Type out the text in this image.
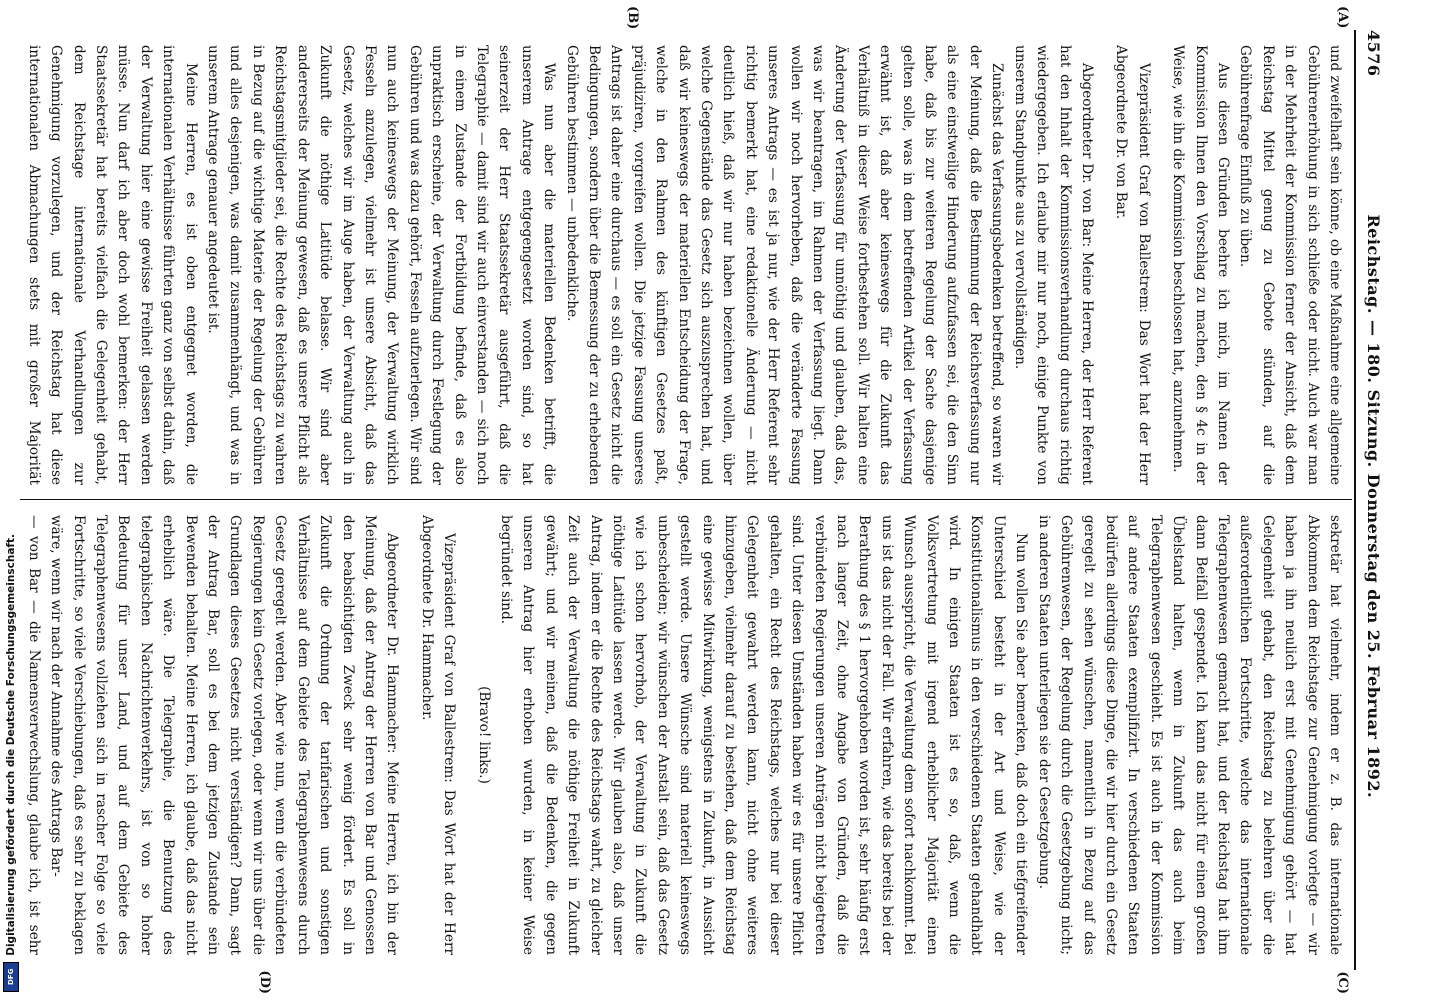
Digitalisierung gefördert durch die Deutsche Forschungsgemeinschaft.
DFG
4576
Reichstag. — 180. Sitzung. Donnerstag den 25. Februar 1892.
(A)
(B)
(C)
(D)

und zweifelhaft sein könne, ob eine Maßnahme eine allgemeine Gebührenerhöhung in sich schließe oder nicht. Auch war man in der Mehrheit der Kommission ferner der Ansicht, daß dem Reichstag Mittel genug zu Gebote stünden, auf die Gebührenfrage Einfluß zu üben.

Aus diesen Gründen beehre ich mich, im Namen der Kommission Ihnen den Vorschlag zu machen, den § 4c in der Weise, wie ihn die Kommission beschlossen hat, anzunehmen.

Vizepräsident Graf von Ballestrem: Das Wort hat der Herr Abgeordnete Dr. von Bar.

Abgeordneter Dr. von Bar: Meine Herren, der Herr Referent hat den Inhalt der Kommissionsverhandlung durchaus richtig wiedergegeben. Ich erlaube mir nur noch, einige Punkte von unserem Standpunkte aus zu vervollständigen.

Zunächst das Verfassungsbedenken betreffend, so waren wir der Meinung, daß die Bestimmung der Reichsverfassung nur als eine einstweilige Hinderung aufzufassen sei, die den Sinn habe, daß bis zur weiteren Regelung der Sache dasjenige gelten solle, was in dem betreffenden Artikel der Verfassung erwähnt ist, daß aber keineswegs für die Zukunft das Verhältniß in dieser Weise fortbestehen soll. Wir halten eine Änderung der Verfassung für unnöthig und glauben, daß das, was wir beantragen, im Rahmen der Verfassung liegt. Dann wollen wir noch hervorheben, daß die veränderte Fassung unseres Antrags — es ist ja nur, wie der Herr Referent sehr richtig bemerkt hat, eine redaktionelle Änderung — nicht deutlich hieß, daß wir nur haben bezeichnen wollen, über welche Gegenstände das Gesetz sich auszusprechen hat, und daß wir keineswegs der materiellen Entscheidung der Frage, welche in den Rahmen des künftigen Gesetzes paßt, präjudiziren, vorgreifen wollen. Die jetzige Fassung unseres Antrags ist daher eine durchaus — es soll ein Gesetz nicht die Bedingungen, sondern über die Bemessung der zu erhebenden Gebühren bestimmen — unbedenkliche.

Was nun aber die materiellen Bedenken betrifft, die unserem Antrage entgegengesetzt worden sind, so hat seinerzeit der Herr Staatssekretär ausgeführt, daß die Telegraphie — damit sind wir auch einverstanden — sich noch in einem Zustande der Fortbildung befinde, daß es also unpraktisch erscheine, der Verwaltung durch Festlegung der Gebühren und was dazu gehört, Fesseln aufzuerlegen. Wir sind nun auch keineswegs der Meinung, der Verwaltung wirklich Fesseln anzulegen, vielmehr ist unsere Absicht, daß das Gesetz, welches wir im Auge haben, der Verwaltung auch in Zukunft die nöthige Latitüde belasse. Wir sind aber andererseits der Meinung gewesen, daß es unsere Pflicht als Reichstagsmitglieder sei, die Rechte des Reichstags zu wahren in Bezug auf die wichtige Materie der Regelung der Gebühren und alles desjenigen, was damit zusammenhängt, und was in unserem Antrage genauer angedeutet ist.

Meine Herren, es ist oben entgegnet worden, die internationalen Verhältnisse führten ganz von selbst dahin, daß der Verwaltung hier eine gewisse Freiheit gelassen werden müsse. Nun darf ich aber doch wohl bemerken: der Herr Staatssekretär hat bereits vielfach die Gelegenheit gehabt, dem Reichstage internationale Verhandlungen zur Genehmigung vorzulegen, und der Reichstag hat diese internationalen Abmachungen stets mit großer Majorität

sekretär hat vielmehr, indem er z. B. das internationale Abkommen dem Reichstage zur Genehmigung vorlegte — wir haben ja ihn neulich erst mit Genehmigung gehört — hat Gelegenheit gehabt, den Reichstag zu belehren über die außerordentlichen Fortschritte, welche das internationale Telegraphenwesen gemacht hat, und der Reichstag hat ihm dann Beifall gespendet. Ich kann das nicht für einen großen Übelstand halten, wenn in Zukunft das auch beim Telegraphenwesen geschieht. Es ist auch in der Kommission auf andere Staaten exemplifizirt. In verschiedenen Staaten bedürfen allerdings diese Dinge, die wir hier durch ein Gesetz geregelt zu sehen wünschen, namentlich in Bezug auf das Gebührenwesen, der Regelung durch die Gesetzgebung nicht; in anderen Staaten unterliegen sie der Gesetzgebung.

Nun wollen Sie aber bemerken, daß doch ein tiefgreifender Unterschied besteht in der Art und Weise, wie der Konstitutionalismus in den verschiedenen Staaten gehandhabt wird. In einigen Staaten ist es so, daß, wenn die Volksvertretung mit irgend erheblicher Majorität einen Wunsch ausspricht, die Verwaltung dem sofort nachkommt. Bei uns ist das nicht der Fall. Wir erfahren, wie das bereits bei der Berathung des § 1 hervorgehoben worden ist, sehr häufig erst nach langer Zeit, ohne Angabe von Gründen, daß die verbündeten Regierungen unseren Anträgen nicht beigetreten sind. Unter diesen Umständen haben wir es für unsere Pflicht gehalten, ein Recht des Reichstags, welches nur bei dieser Gelegenheit gewahrt werden kann, nicht ohne weiteres hinzugeben, vielmehr darauf zu bestehen, daß dem Reichstag eine gewisse Mitwirkung, wenigstens in Zukunft, in Aussicht gestellt werde. Unsere Wünsche sind materiell keineswegs unbescheiden; wir wünschen der Anstalt sein, daß das Gesetz wie ich schon hervorhob, der Verwaltung in Zukunft die nöthige Latitüde lassen werde. Wir glauben also, daß unser Antrag, indem er die Rechte des Reichstags wahrt, zu gleicher Zeit auch der Verwaltung die nöthige Freiheit in Zukunft gewährt; und wir meinen, daß die Bedenken, die gegen unseren Antrag hier erhoben wurden, in keiner Weise begründet sind.

(Bravo! links.)

Vizepräsident Graf von Ballestrem: Das Wort hat der Herr Abgeordnete Dr. Hammacher.

Abgeordneter Dr. Hammacher: Meine Herren, ich bin der Meinung, daß der Antrag der Herren von Bar und Genossen den beabsichtigten Zweck sehr wenig fördert. Es soll in Zukunft die Ordnung der tarifarischen und sonstigen Verhältnisse auf dem Gebiete des Telegraphenwesens durch Gesetz geregelt werden. Aber wie nun, wenn die verbündeten Regierungen kein Gesetz vorlegen, oder wenn wir uns über die Grundlagen dieses Gesetzes nicht verständigen? Dann, sagt der Antrag Bar, soll es bei dem jetzigen Zustande sein Bewenden behalten. Meine Herren, ich glaube, daß das nicht erheblich wäre. Die Telegraphie, die Benutzung des telegraphischen Nachrichtenverkehrs, ist von so hoher Bedeutung für unser Land, und auf dem Gebiete des Telegraphenwesens vollziehen sich in rascher Folge so viele Fortschritte, so viele Verschiebungen, daß es sehr zu beklagen wäre, wenn wir nach der Annahme des Antrags Bar-

— von Bar — die Namensverwechslung, glaube ich, ist sehr
